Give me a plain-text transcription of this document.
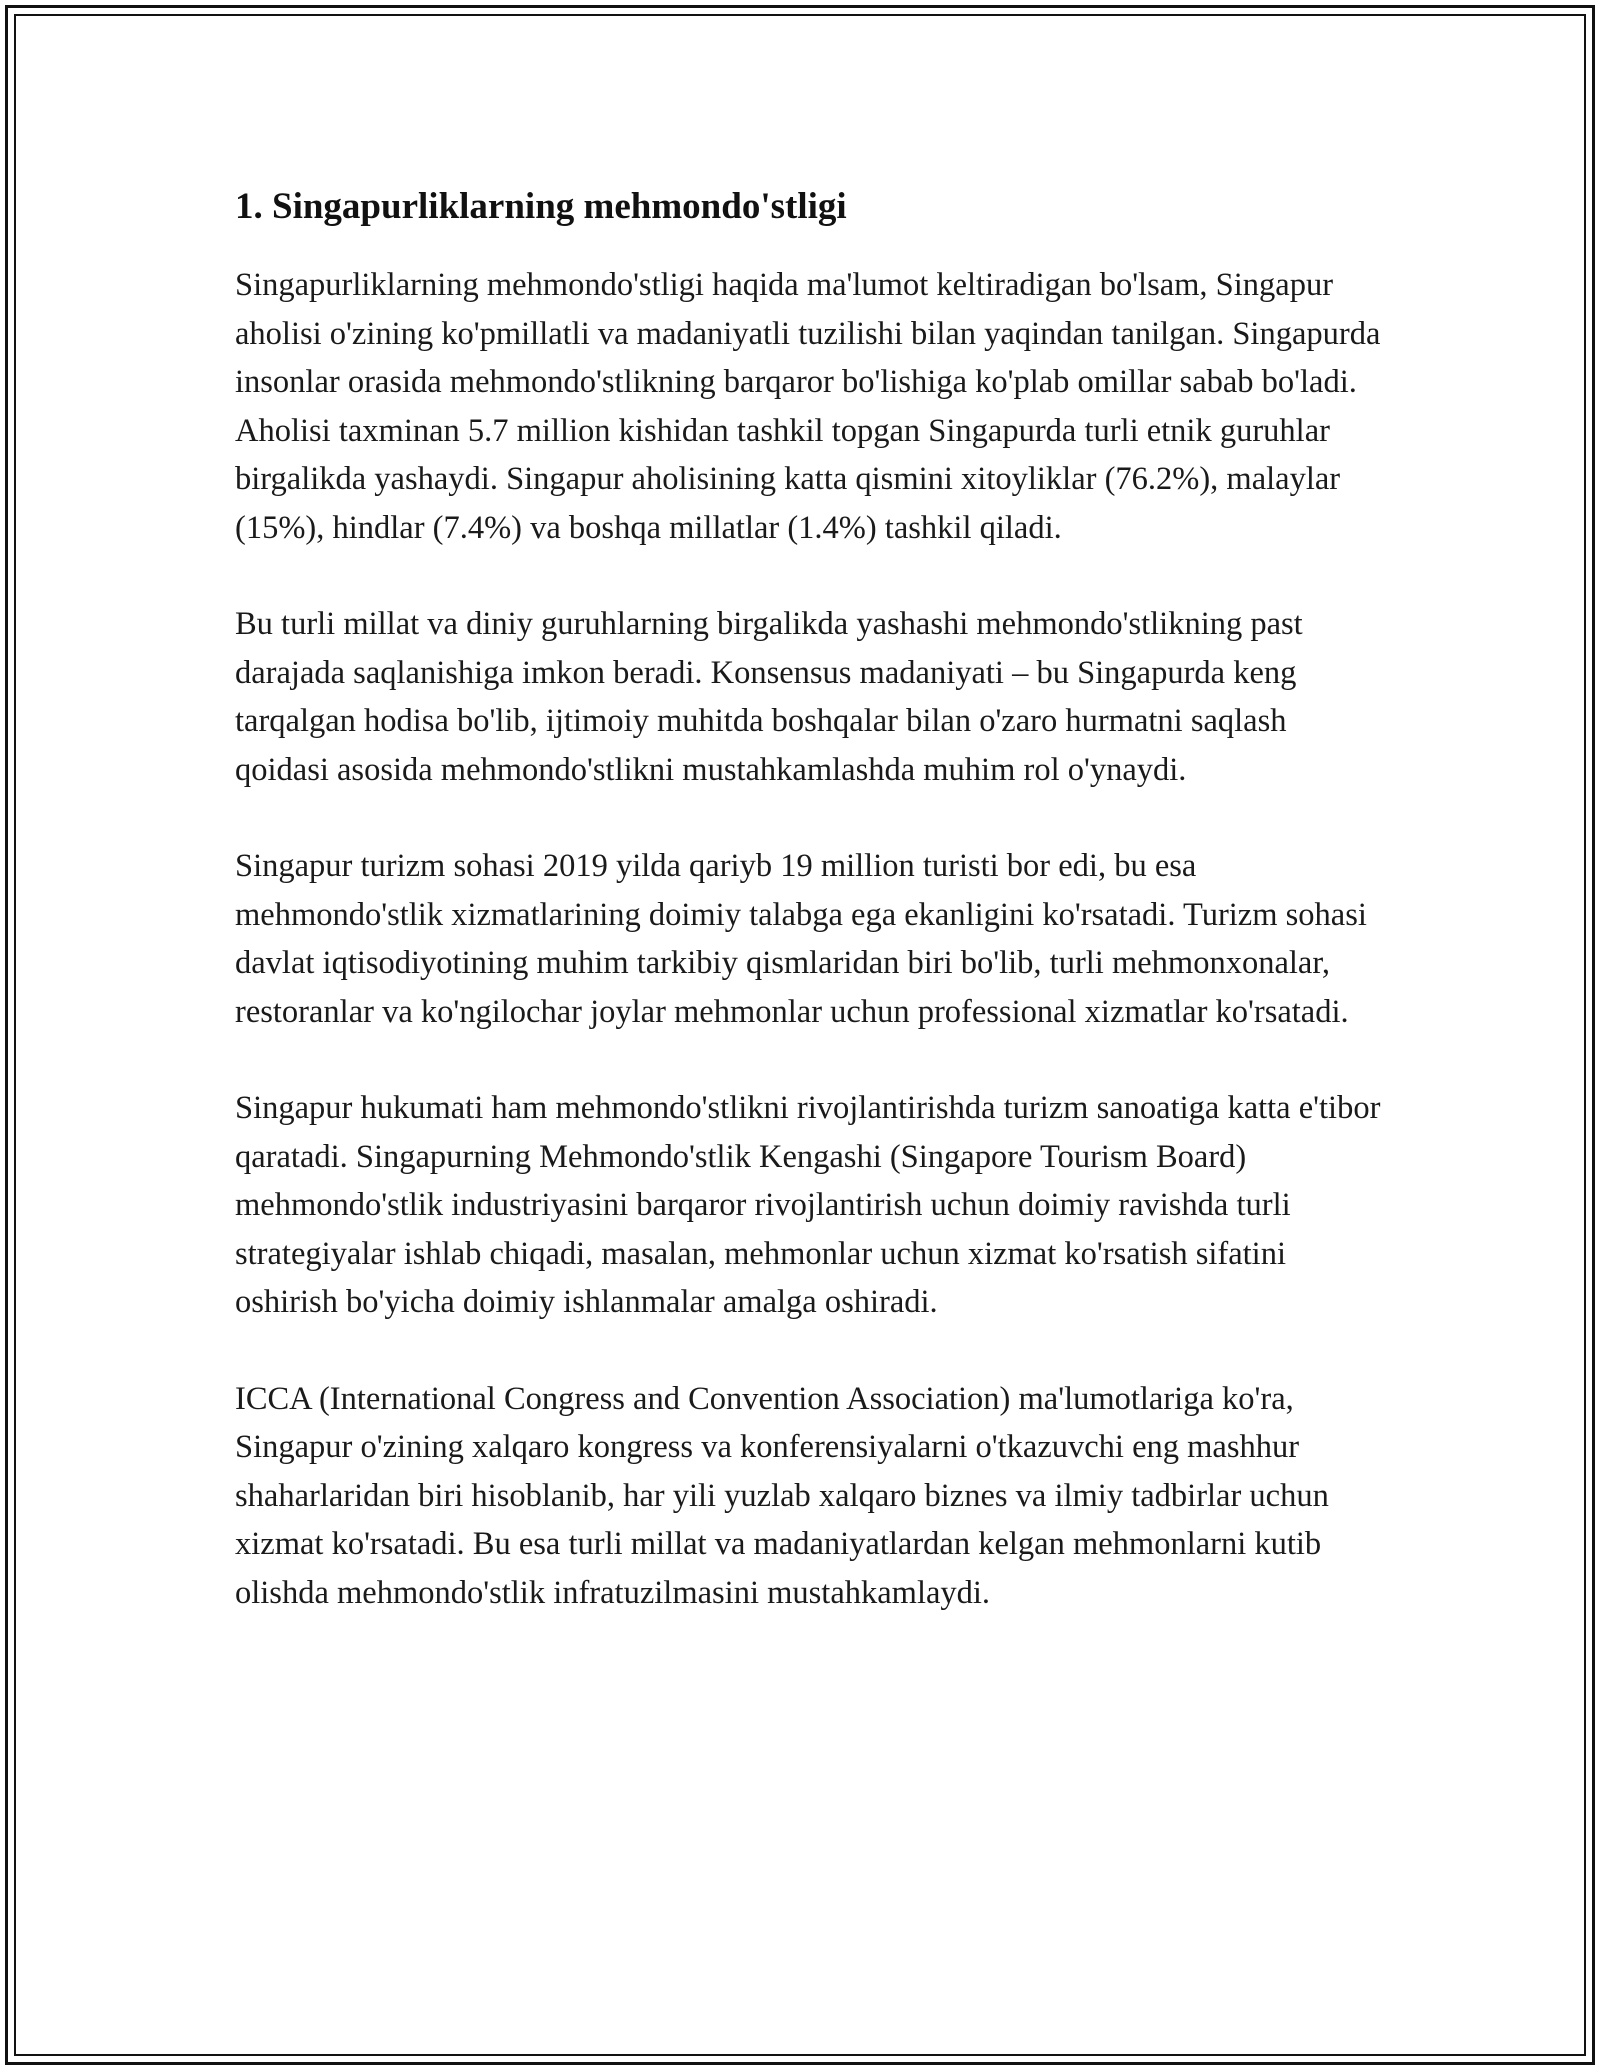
1. Singapurliklarning mehmondo'stligi

Singapurliklarning mehmondo'stligi haqida ma'lumot keltiradigan bo'lsam, Singapur aholisi o'zining ko'pmillatli va madaniyatli tuzilishi bilan yaqindan tanilgan. Singapurda insonlar orasida mehmondo'stlikning barqaror bo'lishiga ko'plab omillar sabab bo'ladi. Aholisi taxminan 5.7 million kishidan tashkil topgan Singapurda turli etnik guruhlar birgalikda yashaydi. Singapur aholisining katta qismini xitoyliklar (76.2%), malaylar (15%), hindlar (7.4%) va boshqa millatlar (1.4%) tashkil qiladi.

Bu turli millat va diniy guruhlarning birgalikda yashashi mehmondo'stlikning past darajada saqlanishiga imkon beradi. Konsensus madaniyati – bu Singapurda keng tarqalgan hodisa bo'lib, ijtimoiy muhitda boshqalar bilan o'zaro hurmatni saqlash qoidasi asosida mehmondo'stlikni mustahkamlashda muhim rol o'ynaydi.

Singapur turizm sohasi 2019 yilda qariyb 19 million turisti bor edi, bu esa mehmondo'stlik xizmatlarining doimiy talabga ega ekanligini ko'rsatadi. Turizm sohasi davlat iqtisodiyotining muhim tarkibiy qismlaridan biri bo'lib, turli mehmonxonalar, restoranlar va ko'ngilochar joylar mehmonlar uchun professional xizmatlar ko'rsatadi.

Singapur hukumati ham mehmondo'stlikni rivojlantirishda turizm sanoatiga katta e'tibor qaratadi. Singapurning Mehmondo'stlik Kengashi (Singapore Tourism Board) mehmondo'stlik industriyasini barqaror rivojlantirish uchun doimiy ravishda turli strategiyalar ishlab chiqadi, masalan, mehmonlar uchun xizmat ko'rsatish sifatini oshirish bo'yicha doimiy ishlanmalar amalga oshiradi.

ICCA (International Congress and Convention Association) ma'lumotlariga ko'ra, Singapur o'zining xalqaro kongress va konferensiyalarni o'tkazuvchi eng mashhur shaharlaridan biri hisoblanib, har yili yuzlab xalqaro biznes va ilmiy tadbirlar uchun xizmat ko'rsatadi. Bu esa turli millat va madaniyatlardan kelgan mehmonlarni kutib olishda mehmondo'stlik infratuzilmasini mustahkamlaydi.
